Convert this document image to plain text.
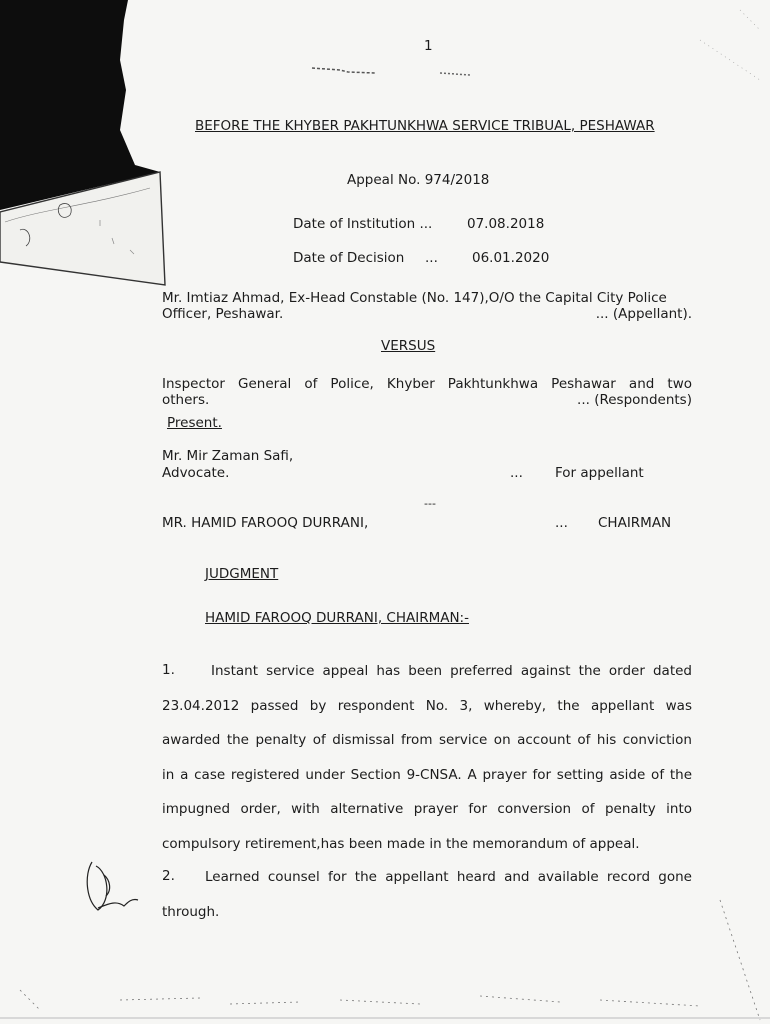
1
BEFORE THE KHYBER PAKHTUNKHWA SERVICE TRIBUAL, PESHAWAR
Appeal No. 974/2018
Date of Institution ...	07.08.2018
Date of Decision ...	06.01.2020
Mr. Imtiaz Ahmad, Ex-Head Constable (No. 147),O/O the Capital City Police
Officer, Peshawar.	... (Appellant).
VERSUS
Inspector General of Police, Khyber Pakhtunkhwa Peshawar and two
others.	... (Respondents)
Present.
Mr. Mir Zaman Safi,
Advocate.	... For appellant
---
MR. HAMID FAROOQ DURRANI,	... CHAIRMAN
JUDGMENT
HAMID FAROOQ DURRANI, CHAIRMAN:-
1.	Instant service appeal has been preferred against the order dated
23.04.2012 passed by respondent No. 3, whereby, the appellant was
awarded the penalty of dismissal from service on account of his conviction
in a case registered under Section 9-CNSA. A prayer for setting aside of the
impugned order, with alternative prayer for conversion of penalty into
compulsory retirement,has been made in the memorandum of appeal.
2.	Learned counsel for the appellant heard and available record gone
through.
